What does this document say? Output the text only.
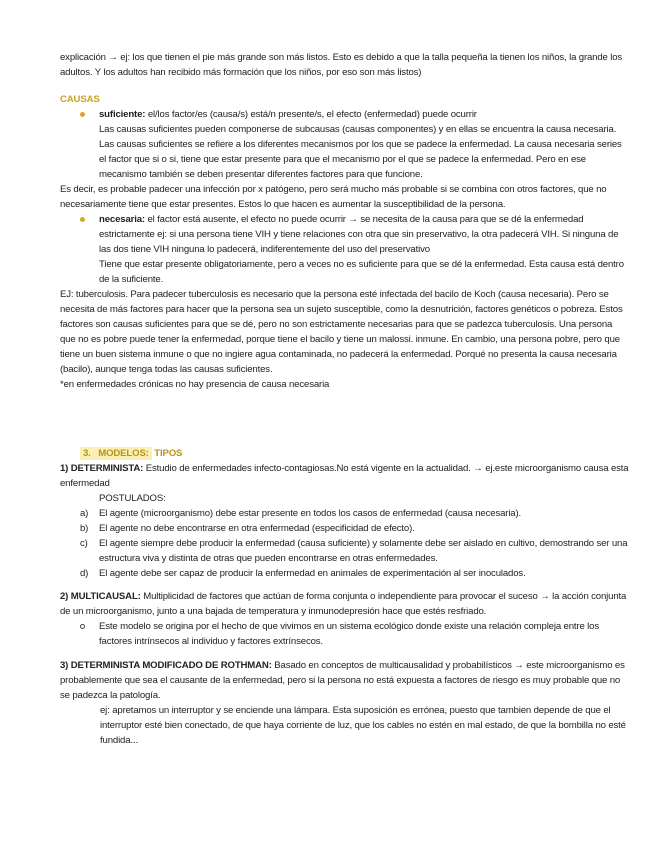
explicación → ej: los que tienen el pie más grande son más listos. Esto es debido a que la talla pequeña la tienen los niños, la grande los adultos. Y los adultos han recibido más formación que los niños, por eso son más listos)

CAUSAS
suficiente: el/los factor/es (causa/s) está/n presente/s, el efecto (enfermedad) puede ocurrir
Las causas suficientes pueden componerse de subcausas (causas componentes) y en ellas se encuentra la causa necesaria.
Las causas suficientes se refiere a los diferentes mecanismos por los que se padece la enfermedad. La causa necesaria series el factor que si o si, tiene que estar presente para que el mecanismo por el que se padece la enfermedad. Pero en ese mecanismo también se deben presentar diferentes factores para que funcione.
Es decir, es probable padecer una infección por x patógeno, pero será mucho más probable si se combina con otros factores, que no necesariamente tiene que estar presentes. Estos lo que hacen es aumentar la susceptibilidad de la persona.
necesaria: el factor está ausente, el efecto no puede ocurrir → se necesita de la causa para que se dé la enfermedad estrictamente ej: si una persona tiene VIH y tiene relaciones con otra que sin preservativo, la otra padecerá VIH. Si ninguna de las dos tiene VIH ninguna lo padecerá, indiferentemente del uso del preservativo
Tiene que estar presente obligatoriamente, pero a veces no es suficiente para que se dé la enfermedad. Esta causa está dentro de la suficiente.
EJ: tuberculosis. Para padecer tuberculosis es necesario que la persona esté infectada del bacilo de Koch (causa necesaria). Pero se necesita de más factores para hacer que la persona sea un sujeto susceptible, como la desnutrición, factores genéticos o pobreza. Estos factores son causas suficientes para que se dé, pero no son estrictamente necesarias para que se padezca tuberculosis. Una persona que no es pobre puede tener la enfermedad, porque tiene el bacilo y tiene un malossi. inmune. En cambio, una persona pobre, pero que tiene un buen sistema inmune o que no ingiere agua contaminada, no padecerá la enfermedad. Porqué no presenta la causa necesaria (bacilo), aunque tenga todas las causas suficientes.
*en enfermedades crónicas no hay presencia de causa necesaria
3. MODELOS: TIPOS
1) DETERMINISTA: Estudio de enfermedades infecto-contagiosas.No está vigente en la actualidad. → ej.este microorganismo causa esta enfermedad
POSTULADOS:
a) El agente (microorganismo) debe estar presente en todos los casos de enfermedad (causa necesaria).
b) El agente no debe encontrarse en otra enfermedad (especificidad de efecto).
c) El agente siempre debe producir la enfermedad (causa suficiente) y solamente debe ser aislado en cultivo, demostrando ser una estructura viva y distinta de otras que pueden encontrarse en otras enfermedades.
d) El agente debe ser capaz de producir la enfermedad en animales de experimentación al ser inoculados.
2) MULTICAUSAL: Multiplicidad de factores que actúan de forma conjunta o independiente para provocar el suceso → la acción conjunta de un microorganismo, junto a una bajada de temperatura y inmunodepresión hace que estés resfriado.
Este modelo se origina por el hecho de que vivimos en un sistema ecológico donde existe una relación compleja entre los factores intrínsecos al individuo y factores extrínsecos.
3) DETERMINISTA MODIFICADO DE ROTHMAN: Basado en conceptos de multicausalidad y probabilísticos → este microorganismo es probablemente que sea el causante de la enfermedad, pero si la persona no está expuesta a factores de riesgo es muy probable que no se padezca la patología.
ej: apretamos un interruptor y se enciende una lámpara. Esta suposición es errónea, puesto que tambien depende de que el interruptor esté bien conectado, de que haya corriente de luz, que los cables no estén en mal estado, de que la bombilla no esté fundida...
